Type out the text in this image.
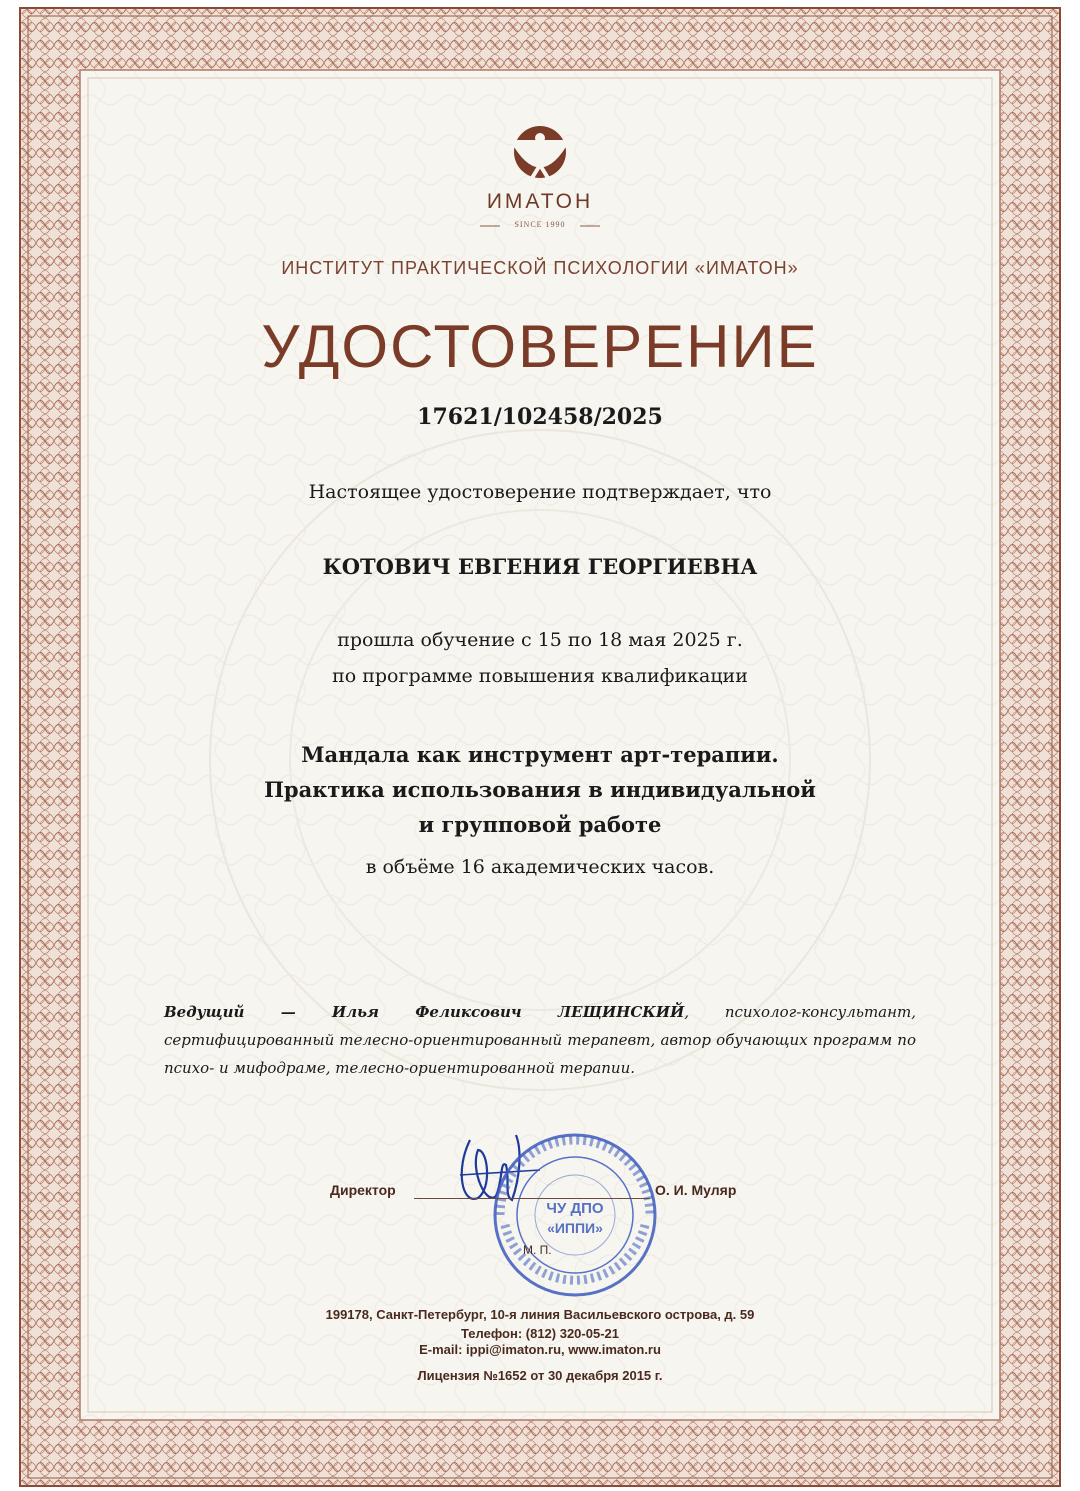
ЧУ ДПО
«ИППИ»
ИМАТОН
SINCE 1990
ИНСТИТУТ ПРАКТИЧЕСКОЙ ПСИХОЛОГИИ «ИМАТОН»
УДОСТОВЕРЕНИЕ
17621/102458/2025
Настоящее удостоверение подтверждает, что
КОТОВИЧ ЕВГЕНИЯ ГЕОРГИЕВНА
прошла обучение с 15 по 18 мая 2025 г.
по программе повышения квалификации
Мандала как инструмент арт-терапии.
Практика использования в индивидуальной
и групповой работе
в объёме 16 академических часов.
Ведущий — Илья Феликсович ЛЕЩИНСКИЙ, психолог-консультант, сертифицированный телесно-ориентированный терапевт, автор обучающих программ по психо- и мифодраме, телесно-ориентированной терапии.
Директор	О. И. Муляр
М. П.
199178, Санкт-Петербург, 10-я линия Васильевского острова, д. 59
Телефон: (812) 320-05-21
E-mail: ippi@imaton.ru, www.imaton.ru
Лицензия №1652 от 30 декабря 2015 г.
